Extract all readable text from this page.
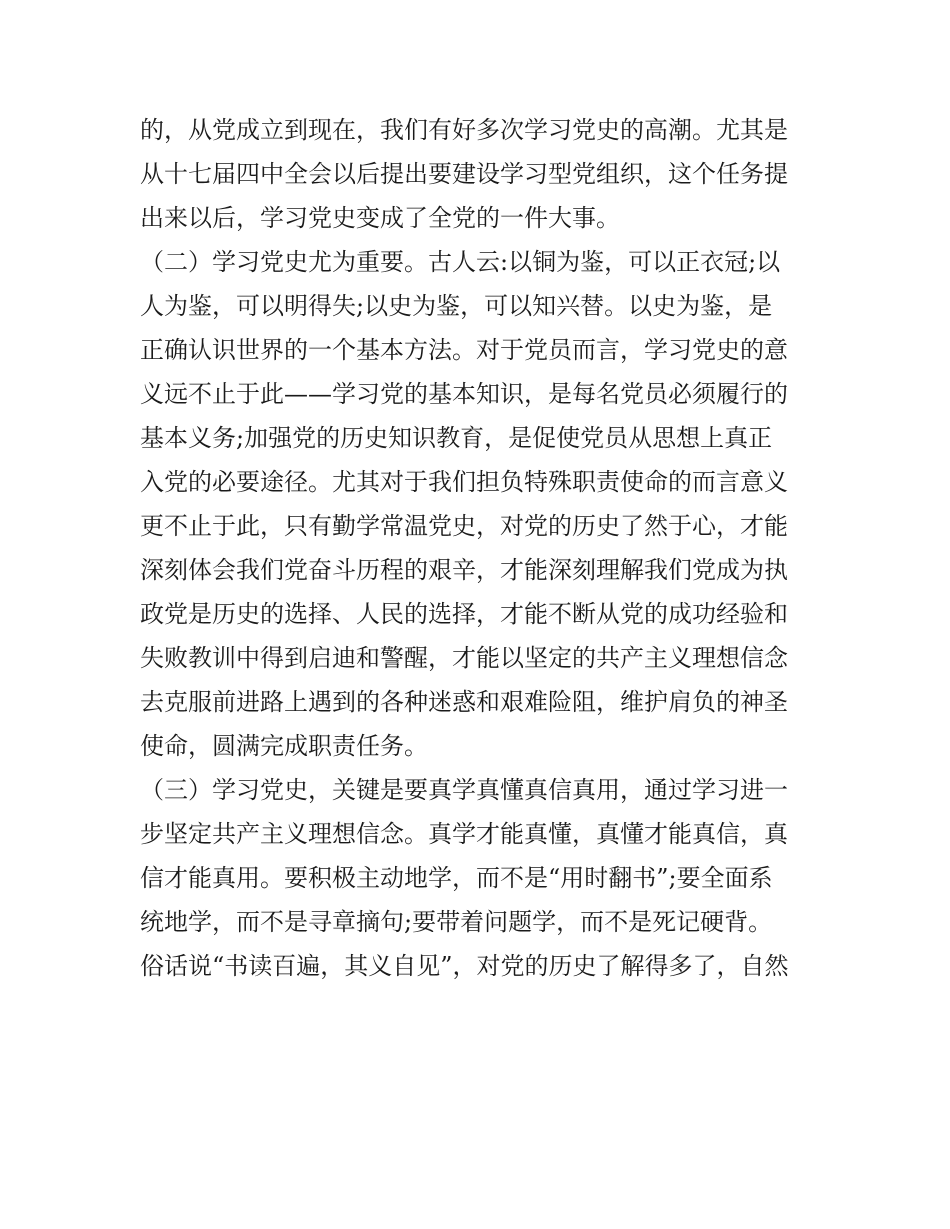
的，从党成立到现在，我们有好多次学习党史的高潮。尤其是
从十七届四中全会以后提出要建设学习型党组织，这个任务提
出来以后，学习党史变成了全党的一件大事。
（二）学习党史尤为重要。古人云:以铜为鉴，可以正衣冠;以
人为鉴，可以明得失;以史为鉴，可以知兴替。以史为鉴，是
正确认识世界的一个基本方法。对于党员而言，学习党史的意
义远不止于此——学习党的基本知识，是每名党员必须履行的
基本义务;加强党的历史知识教育，是促使党员从思想上真正
入党的必要途径。尤其对于我们担负特殊职责使命的而言意义
更不止于此，只有勤学常温党史，对党的历史了然于心，才能
深刻体会我们党奋斗历程的艰辛，才能深刻理解我们党成为执
政党是历史的选择、人民的选择，才能不断从党的成功经验和
失败教训中得到启迪和警醒，才能以坚定的共产主义理想信念
去克服前进路上遇到的各种迷惑和艰难险阻，维护肩负的神圣
使命，圆满完成职责任务。
（三）学习党史，关键是要真学真懂真信真用，通过学习进一
步坚定共产主义理想信念。真学才能真懂，真懂才能真信，真
信才能真用。要积极主动地学，而不是“用时翻书”;要全面系
统地学，而不是寻章摘句;要带着问题学，而不是死记硬背。
俗话说“书读百遍，其义自见”，对党的历史了解得多了，自然
